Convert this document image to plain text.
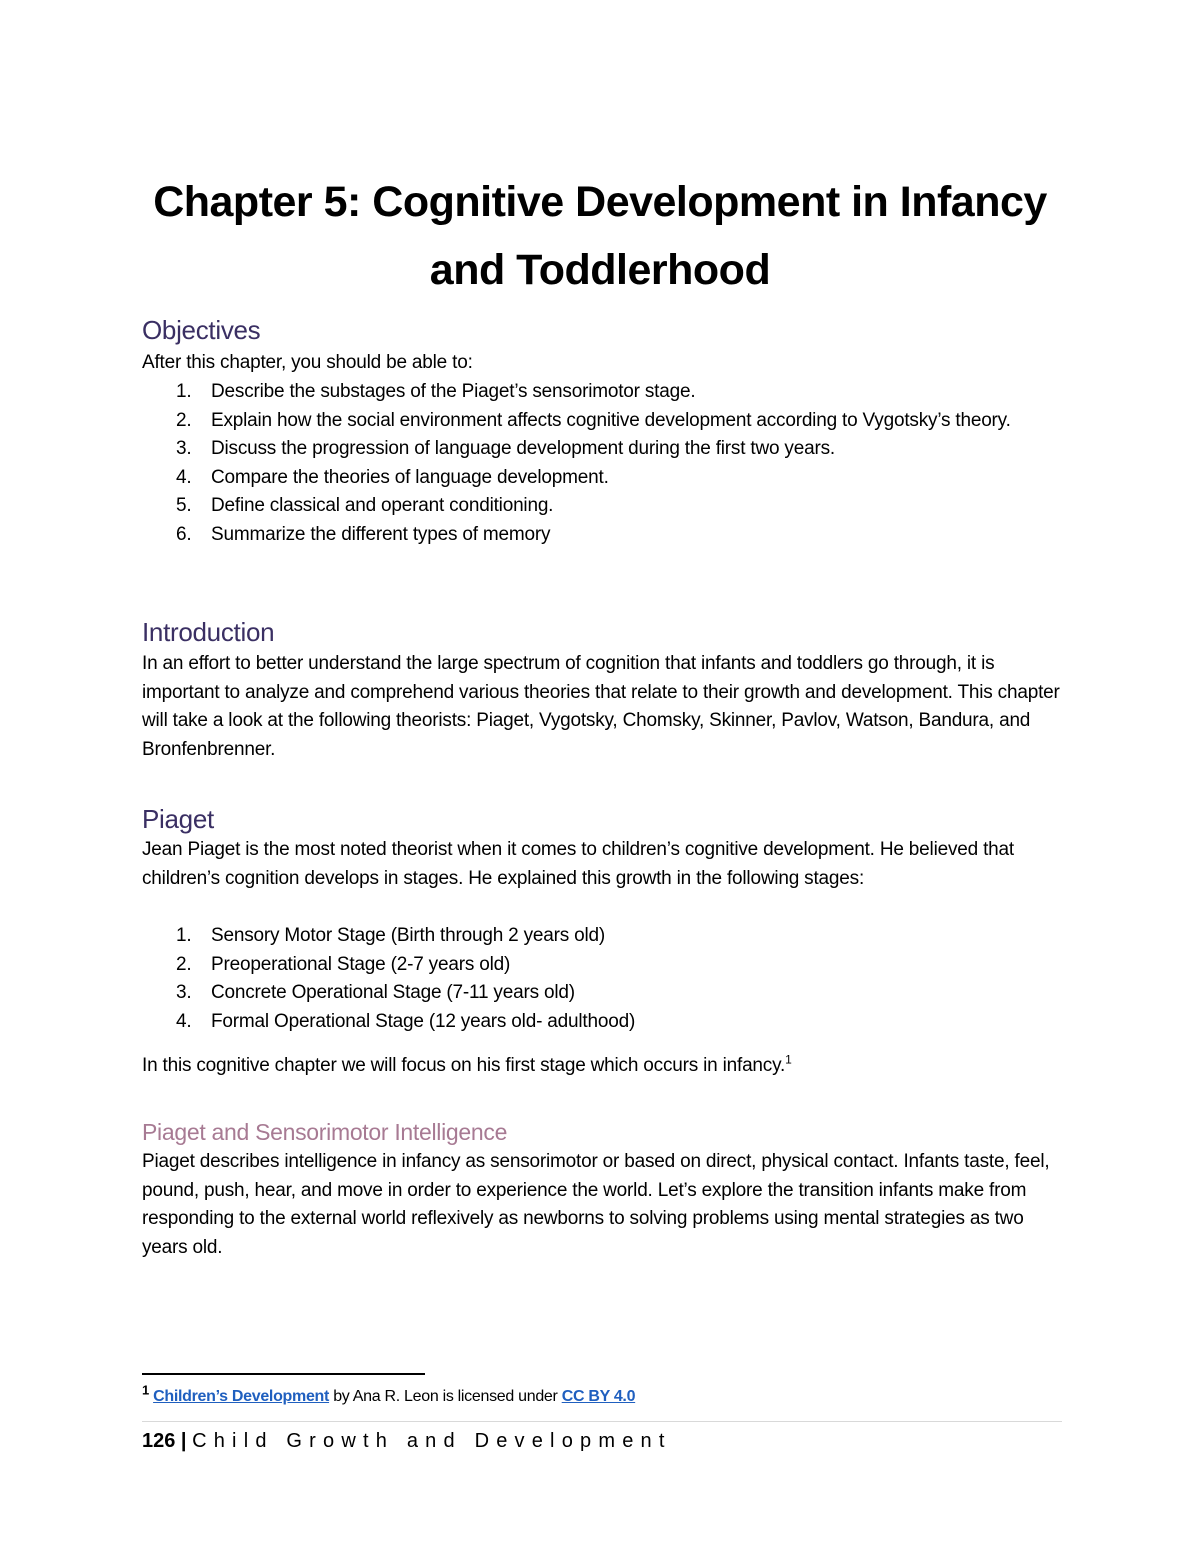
Chapter 5: Cognitive Development in Infancy
and Toddlerhood
Objectives

After this chapter, you should be able to:

1. Describe the substages of the Piaget’s sensorimotor stage.
2. Explain how the social environment affects cognitive development according to Vygotsky’s theory.
3. Discuss the progression of language development during the first two years.
4. Compare the theories of language development.
5. Define classical and operant conditioning.
6. Summarize the different types of memory
Introduction

In an effort to better understand the large spectrum of cognition that infants and toddlers go through, it is important to analyze and comprehend various theories that relate to their growth and development. This chapter will take a look at the following theorists: Piaget, Vygotsky, Chomsky, Skinner, Pavlov, Watson, Bandura, and Bronfenbrenner.

Piaget

Jean Piaget is the most noted theorist when it comes to children’s cognitive development. He believed that children’s cognition develops in stages. He explained this growth in the following stages:

1. Sensory Motor Stage (Birth through 2 years old)
2. Preoperational Stage (2-7 years old)
3. Concrete Operational Stage (7-11 years old)
4. Formal Operational Stage (12 years old- adulthood)

In this cognitive chapter we will focus on his first stage which occurs in infancy.$^1$

Piaget and Sensorimotor Intelligence

Piaget describes intelligence in infancy as sensorimotor or based on direct, physical contact. Infants taste, feel, pound, push, hear, and move in order to experience the world. Let’s explore the transition infants make from responding to the external world reflexively as newborns to solving problems using mental strategies as two years old.

$^1$ Children’s Development by Ana R. Leon is licensed under CC BY 4.0

126 | Child Growth and Development
